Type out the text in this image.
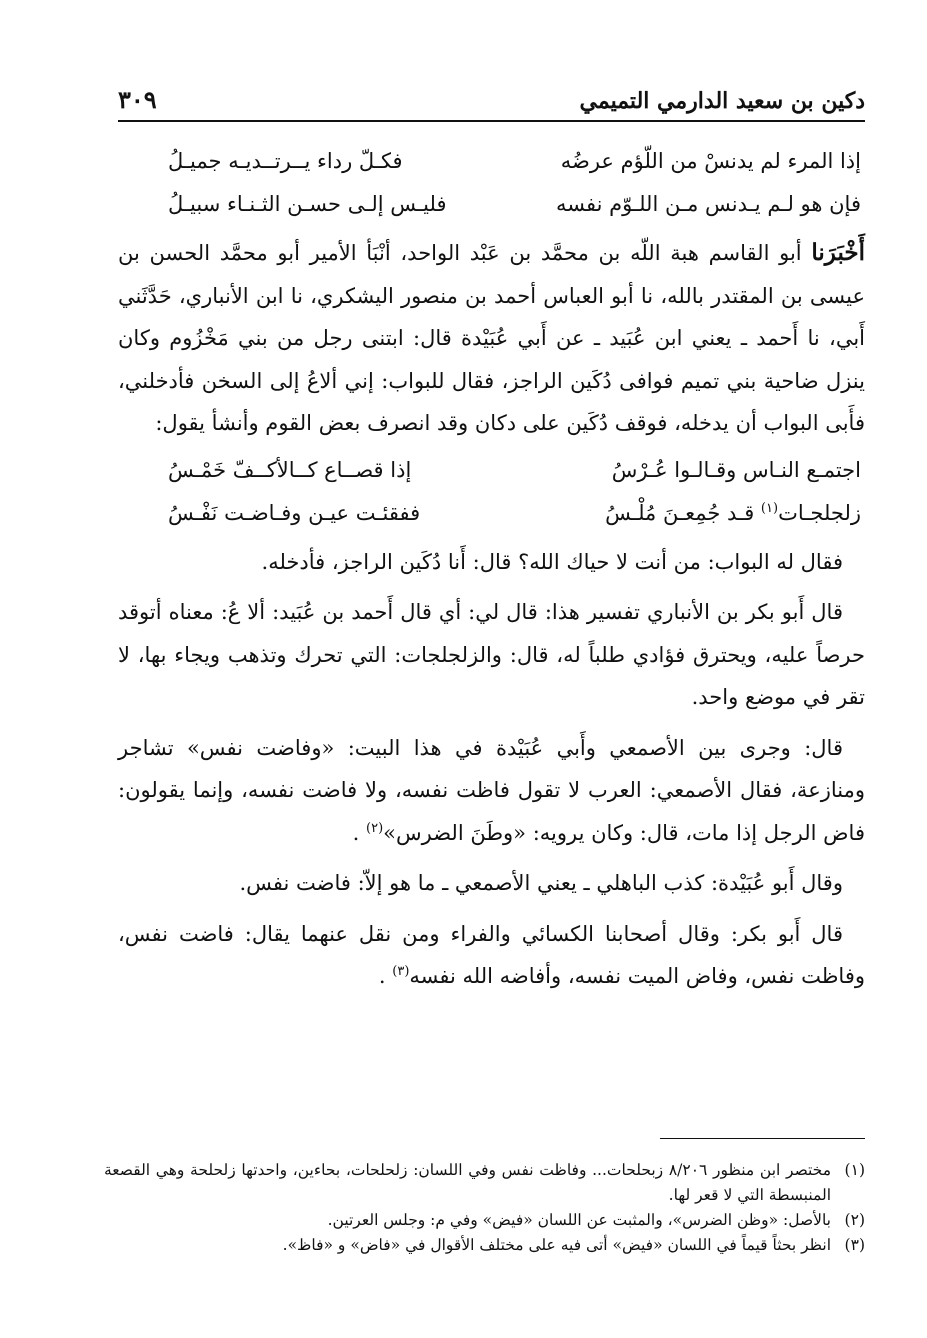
دكين بن سعيد الدارمي التميمي
٣٠٩
إذا المرء لم يدنسْ من اللّؤم عرضُه
فكـلّ رداء يــرتــديـه جميـلُ
فإن هو لـم يـدنس مـن اللـوّم نفسه
فليـس إلـى حسـن الثـنـاء سبيـلُ

أَخْبَرَنا أبو القاسم هبة اللّه بن محمَّد بن عَبْد الواحد، أنْبَأ الأمير أبو محمَّد الحسن بن عيسى بن المقتدر بالله، نا أبو العباس أحمد بن منصور اليشكري، نا ابن الأنباري، حَدَّثَني أَبي، نا أَحمد ـ يعني ابن عُبَيد ـ عن أَبي عُبَيْدة قال: ابتنى رجل من بني مَخْزُوم وكان ينزل ضاحية بني تميم فوافى دُكَين الراجز، فقال للبواب: إني ألاعُ إلى السخن فأدخلني، فأَبى البواب أن يدخله، فوقف دُكَين على دكان وقد انصرف بعض القوم وأنشأ يقول:

اجتمـع النـاس وقـالـوا عُـرْسُ
إذا قصــاع كــالأكــفّ خَمْـسُ
زلجلجـات$^{(١)}$ قـد جُمِعـنَ مُلْـسُ
ففقئـت عيـن وفـاضـت نَفْـسُ

فقال له البواب: من أنت لا حياك الله؟ قال: أَنا دُكَين الراجز، فأدخله.

قال أَبو بكر بن الأنباري تفسير هذا: قال لي: أي قال أَحمد بن عُبَيد: ألا عُ: معناه أتوقد حرصاً عليه، ويحترق فؤادي طلباً له، قال: والزلجلجات: التي تحرك وتذهب ويجاء بها، لا تقر في موضع واحد.

قال: وجرى بين الأصمعي وأَبي عُبَيْدة في هذا البيت: «وفاضت نفس» تشاجر ومنازعة، فقال الأصمعي: العرب لا تقول فاظت نفسه، ولا فاضت نفسه، وإنما يقولون: فاض الرجل إذا مات، قال: وكان يرويه: «وطَنَ الضرس»$^{(٢)}$ .

وقال أَبو عُبَيْدة: كذب الباهلي ـ يعني الأصمعي ـ ما هو إلاّ: فاضت نفس.

قال أَبو بكر: وقال أصحابنا الكسائي والفراء ومن نقل عنهما يقال: فاضت نفس، وفاظت نفس، وفاض الميت نفسه، وأفاضه الله نفسه$^{(٣)}$ .

(١)
مختصر ابن منظور ٨/٢٠٦ زبحلحات... وفاظت نفس وفي اللسان: زلحلحات، بحاءين، واحدتها زلحلحة وهي القصعة المنبسطة التي لا قعر لها.
(٢)
بالأصل: «وظن الضرس»، والمثبت عن اللسان «فيض» وفي م: وجلس العرتين.
(٣)
انظر بحثاً قيماً في اللسان «فيض» أتى فيه على مختلف الأقوال في «فاض» و «فاظ».
